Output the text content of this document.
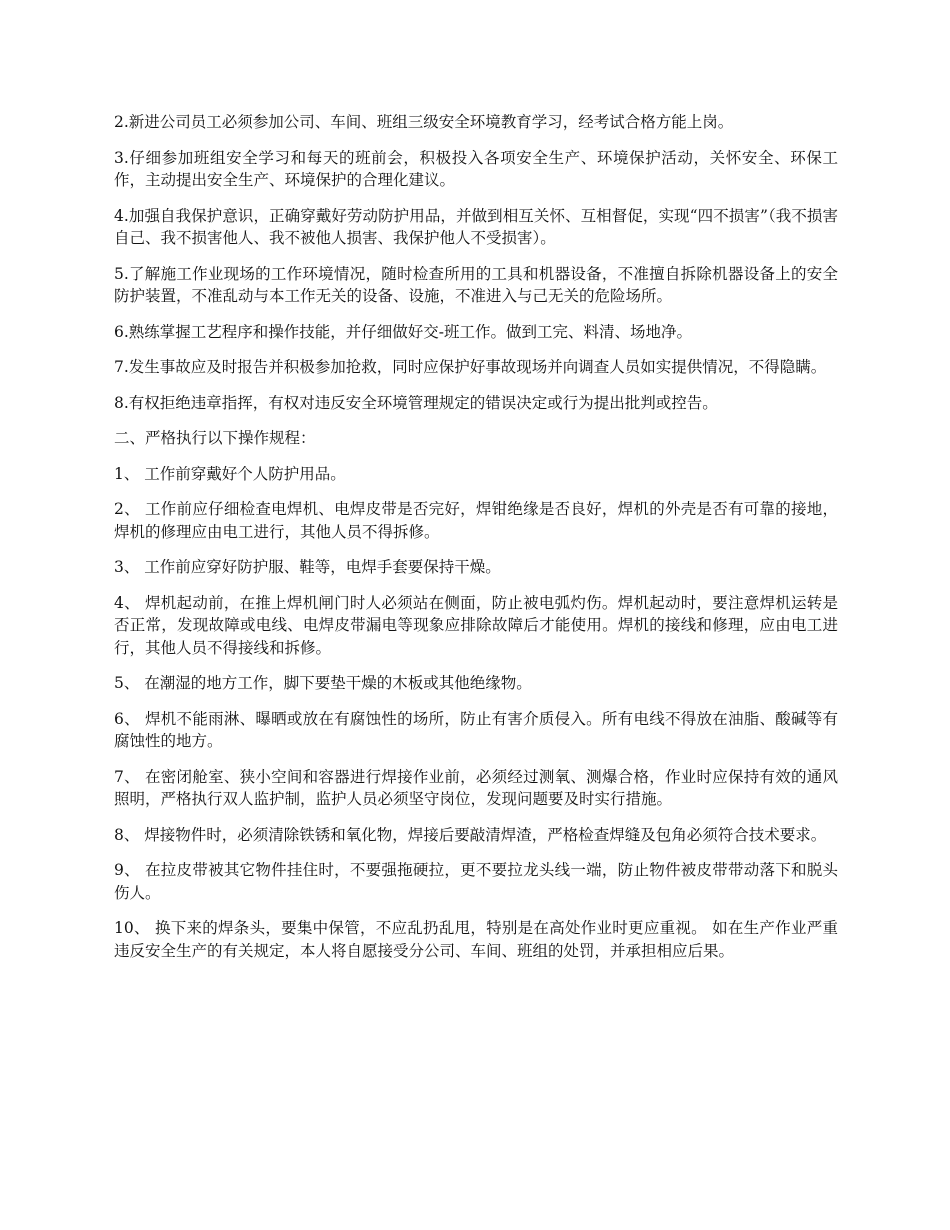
2.新进公司员工必须参加公司、车间、班组三级安全环境教育学习，经考试合格方能上岗。

3.仔细参加班组安全学习和每天的班前会，积极投入各项安全生产、环境保护活动，关怀安全、环保工作，主动提出安全生产、环境保护的合理化建议。

4.加强自我保护意识，正确穿戴好劳动防护用品，并做到相互关怀、互相督促，实现“四不损害”（我不损害自己、我不损害他人、我不被他人损害、我保护他人不受损害）。

5.了解施工作业现场的工作环境情况，随时检查所用的工具和机器设备，不准擅自拆除机器设备上的安全防护装置，不准乱动与本工作无关的设备、设施，不准进入与己无关的危险场所。

6.熟练掌握工艺程序和操作技能，并仔细做好交-班工作。做到工完、料清、场地净。

7.发生事故应及时报告并积极参加抢救，同时应保护好事故现场并向调查人员如实提供情况，不得隐瞒。

8.有权拒绝违章指挥，有权对违反安全环境管理规定的错误决定或行为提出批判或控告。

二、严格执行以下操作规程：

1、 工作前穿戴好个人防护用品。

2、 工作前应仔细检查电焊机、电焊皮带是否完好，焊钳绝缘是否良好，焊机的外壳是否有可靠的接地，焊机的修理应由电工进行，其他人员不得拆修。

3、 工作前应穿好防护服、鞋等，电焊手套要保持干燥。

4、 焊机起动前，在推上焊机闸门时人必须站在侧面，防止被电弧灼伤。焊机起动时，要注意焊机运转是否正常，发现故障或电线、电焊皮带漏电等现象应排除故障后才能使用。焊机的接线和修理，应由电工进行，其他人员不得接线和拆修。

5、 在潮湿的地方工作，脚下要垫干燥的木板或其他绝缘物。

6、 焊机不能雨淋、曝晒或放在有腐蚀性的场所，防止有害介质侵入。所有电线不得放在油脂、酸碱等有腐蚀性的地方。

7、 在密闭舱室、狭小空间和容器进行焊接作业前，必须经过测氧、测爆合格，作业时应保持有效的通风照明，严格执行双人监护制，监护人员必须坚守岗位，发现问题要及时实行措施。

8、 焊接物件时，必须清除铁锈和氧化物，焊接后要敲清焊渣，严格检查焊缝及包角必须符合技术要求。

9、 在拉皮带被其它物件挂住时，不要强拖硬拉，更不要拉龙头线一端，防止物件被皮带带动落下和脱头伤人。

10、 换下来的焊条头，要集中保管，不应乱扔乱甩，特别是在高处作业时更应重视。 如在生产作业严重违反安全生产的有关规定，本人将自愿接受分公司、车间、班组的处罚，并承担相应后果。
